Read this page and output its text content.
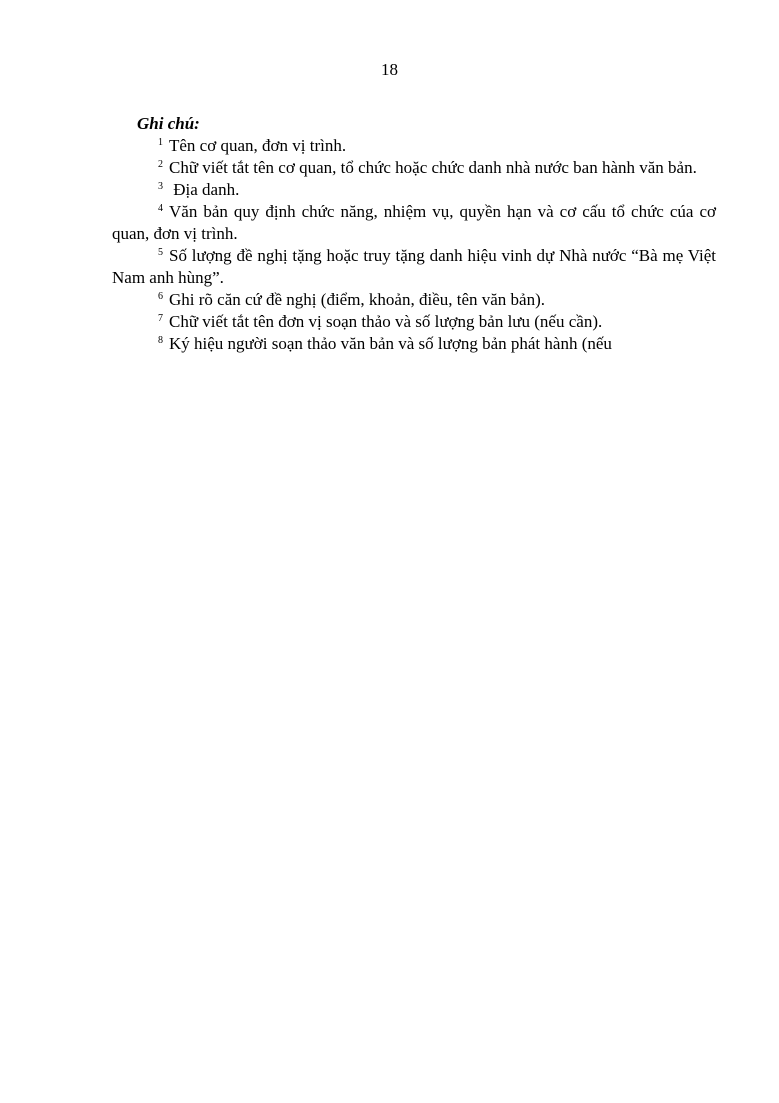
18

Ghi chú:

$^1$ Tên cơ quan, đơn vị trình.

$^2$ Chữ viết tắt tên cơ quan, tổ chức hoặc chức danh nhà nước ban hành văn bản.

$^3$ Địa danh.

$^4$ Văn bản quy định chức năng, nhiệm vụ, quyền hạn và cơ cấu tổ chức cúa cơ quan, đơn vị trình.

$^5$ Số lượng đề nghị tặng hoặc truy tặng danh hiệu vinh dự Nhà nước “Bà mẹ Việt Nam anh hùng”.

$^6$ Ghi rõ căn cứ đề nghị (điểm, khoản, điều, tên văn bản).

$^7$ Chữ viết tắt tên đơn vị soạn thảo và số lượng bản lưu (nếu cần).

$^8$ Ký hiệu người soạn thảo văn bản và số lượng bản phát hành (nếu
